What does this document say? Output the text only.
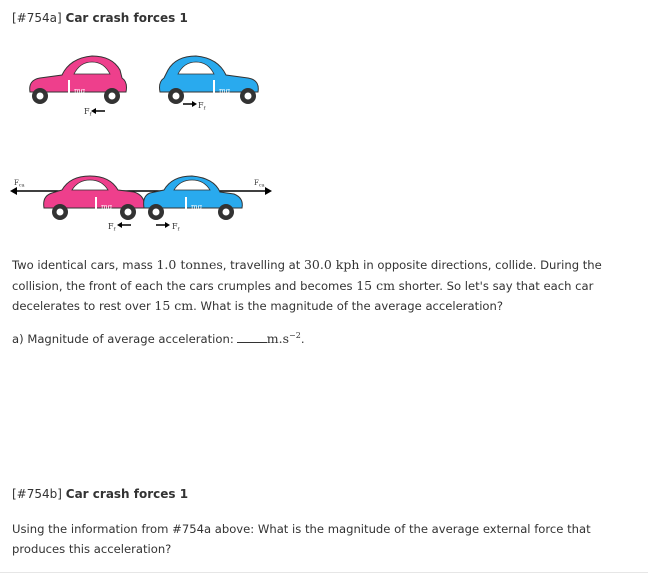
[#754a] Car crash forces 1
mg
Ff
mg
Ff
$F_{ca}$	$F_{ca}$
mg	mg
Ff	Ff
Two identical cars, mass 1.0 tonnes, travelling at 30.0 kph in opposite directions, collide. During the collision, the front of each the cars crumples and becomes 15 cm shorter. So let's say that each car decelerates to rest over 15 cm. What is the magnitude of the average acceleration?
a) Magnitude of average acceleration:	$m.s^{-2}$.
[#754b] Car crash forces 1
Using the information from #754a above: What is the magnitude of the average external force that produces this acceleration?
